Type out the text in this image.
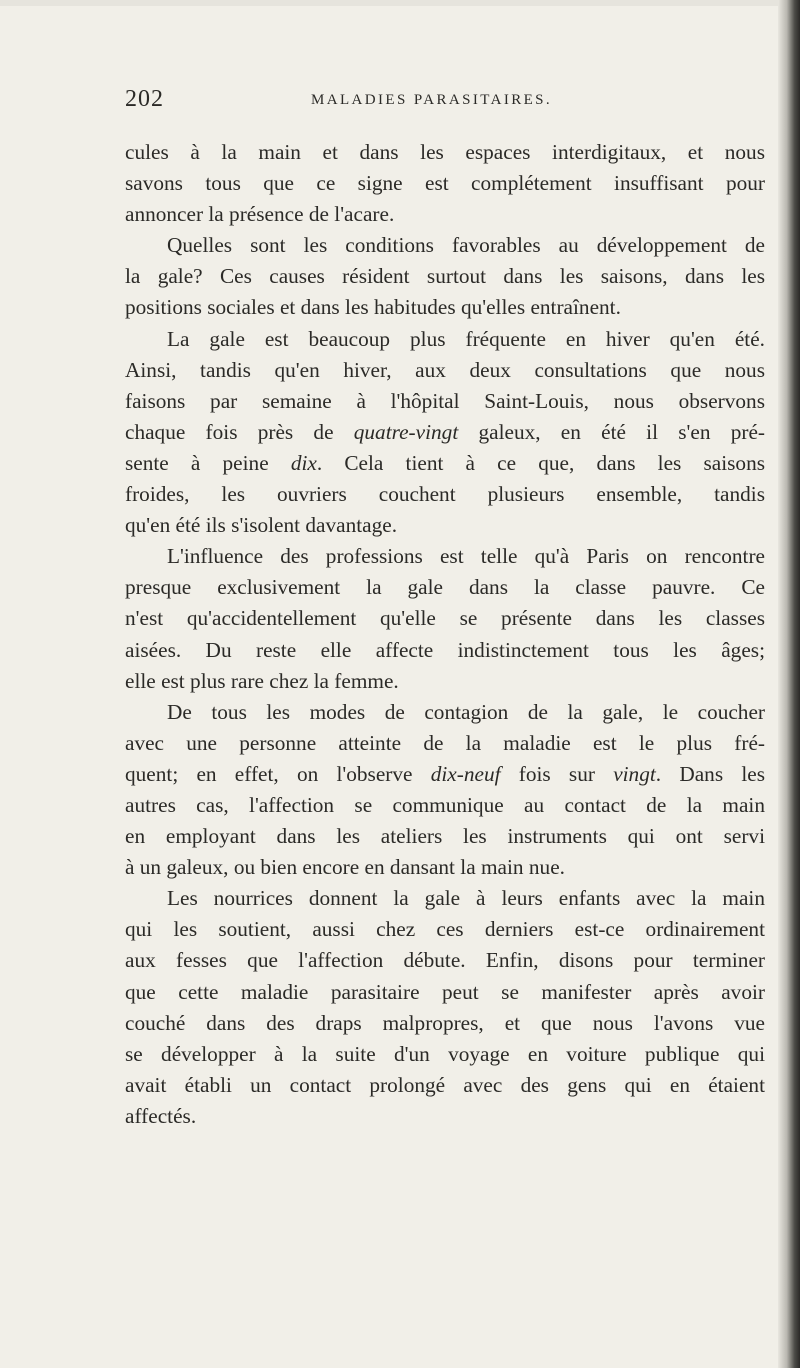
202	MALADIES PARASITAIRES.
cules à la main et dans les espaces interdigitaux, et nous
savons tous que ce signe est complétement insuffisant pour
annoncer la présence de l'acare.
Quelles sont les conditions favorables au développement de
la gale? Ces causes résident surtout dans les saisons, dans les
positions sociales et dans les habitudes qu'elles entraînent.
La gale est beaucoup plus fréquente en hiver qu'en été.
Ainsi, tandis qu'en hiver, aux deux consultations que nous
faisons par semaine à l'hôpital Saint-Louis, nous observons
chaque fois près de quatre-vingt galeux, en été il s'en pré-
sente à peine dix. Cela tient à ce que, dans les saisons
froides, les ouvriers couchent plusieurs ensemble, tandis
qu'en été ils s'isolent davantage.
L'influence des professions est telle qu'à Paris on rencontre
presque exclusivement la gale dans la classe pauvre. Ce
n'est qu'accidentellement qu'elle se présente dans les classes
aisées. Du reste elle affecte indistinctement tous les âges;
elle est plus rare chez la femme.
De tous les modes de contagion de la gale, le coucher
avec une personne atteinte de la maladie est le plus fré-
quent; en effet, on l'observe dix-neuf fois sur vingt. Dans les
autres cas, l'affection se communique au contact de la main
en employant dans les ateliers les instruments qui ont servi
à un galeux, ou bien encore en dansant la main nue.
Les nourrices donnent la gale à leurs enfants avec la main
qui les soutient, aussi chez ces derniers est-ce ordinairement
aux fesses que l'affection débute. Enfin, disons pour terminer
que cette maladie parasitaire peut se manifester après avoir
couché dans des draps malpropres, et que nous l'avons vue
se développer à la suite d'un voyage en voiture publique qui
avait établi un contact prolongé avec des gens qui en étaient
affectés.
